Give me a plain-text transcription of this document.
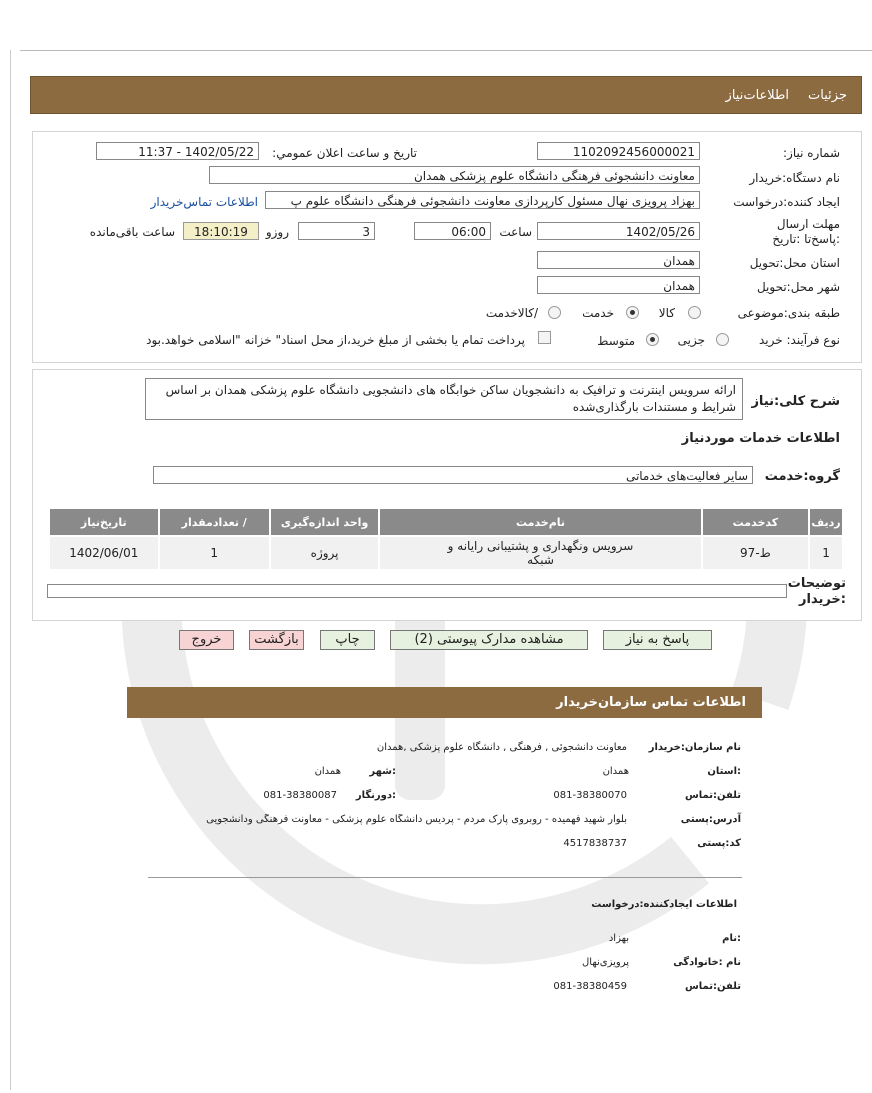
جزئیات
اطلاعات‌نیاز
شماره نیاز:
1102092456000021
تاریخ و ساعت اعلان عمومي:
1402/05/22 - 11:37
نام دستگاه:خریدار
معاونت دانشجوئی فرهنگی دانشگاه علوم پزشکی همدان
ایجاد کننده:درخواست
بهزاد پرویزی نهال مسئول کارپردازی معاونت دانشجوئی فرهنگی دانشگاه علوم پ
اطلاعات تماس‌خریدار
مهلت ارسال :پاسخ‌تا :تاریخ
1402/05/26
ساعت
06:00
3
روزو
18:10:19
ساعت باقی‌مانده
استان محل:تحویل
همدان
شهر محل:تحویل
همدان
طبقه بندی:موضوعی
کالا
خدمت
/کالاخدمت
نوع فرآیند: خرید
جزیی
متوسط
پرداخت تمام یا بخشی از مبلغ خرید،از محل اسناد" خزانه "اسلامی خواهد.بود
شرح کلی:نیاز
ارائه سرویس اینترنت و ترافیک به دانشجویان ساکن خوابگاه های دانشجویی دانشگاه علوم پزشکی همدان بر اساس شرایط و مستندات بارگذاری‌شده
اطلاعات خدمات موردنیاز
گروه:خدمت
سایر فعالیت‌های خدماتی
ردیف	کدخدمت	نام‌خدمت	واحد اندازه‌گیری	/ تعدادمقدار	تاریخ‌نیاز
1	ط-97	سرویس ونگهداری و پشتیبانی رایانه و شبکه	پروژه	1	1402/06/01
توضیحات :خریدار
پاسخ به نیاز
مشاهده مدارک پیوستی (2)
چاپ
بازگشت
خروج
اطلاعات تماس سازمان‌خریدار
نام سازمان:خریدار
معاونت دانشجوئی , فرهنگی , دانشگاه علوم پزشکی ,همدان
:استان
همدان
:شهر
همدان
تلفن:تماس
081-38380070
:دورنگار
081-38380087
آدرس:پستی
بلوار شهید فهمیده - روبروی پارک مردم - پردیس دانشگاه علوم پزشکی - معاونت فرهنگی ودانشجویی
کد:پستی
4517838737
اطلاعات ایجادکننده:درخواست
:نام
بهزاد
نام :خانوادگی
پرویزی‌نهال
تلفن:تماس
081-38380459
